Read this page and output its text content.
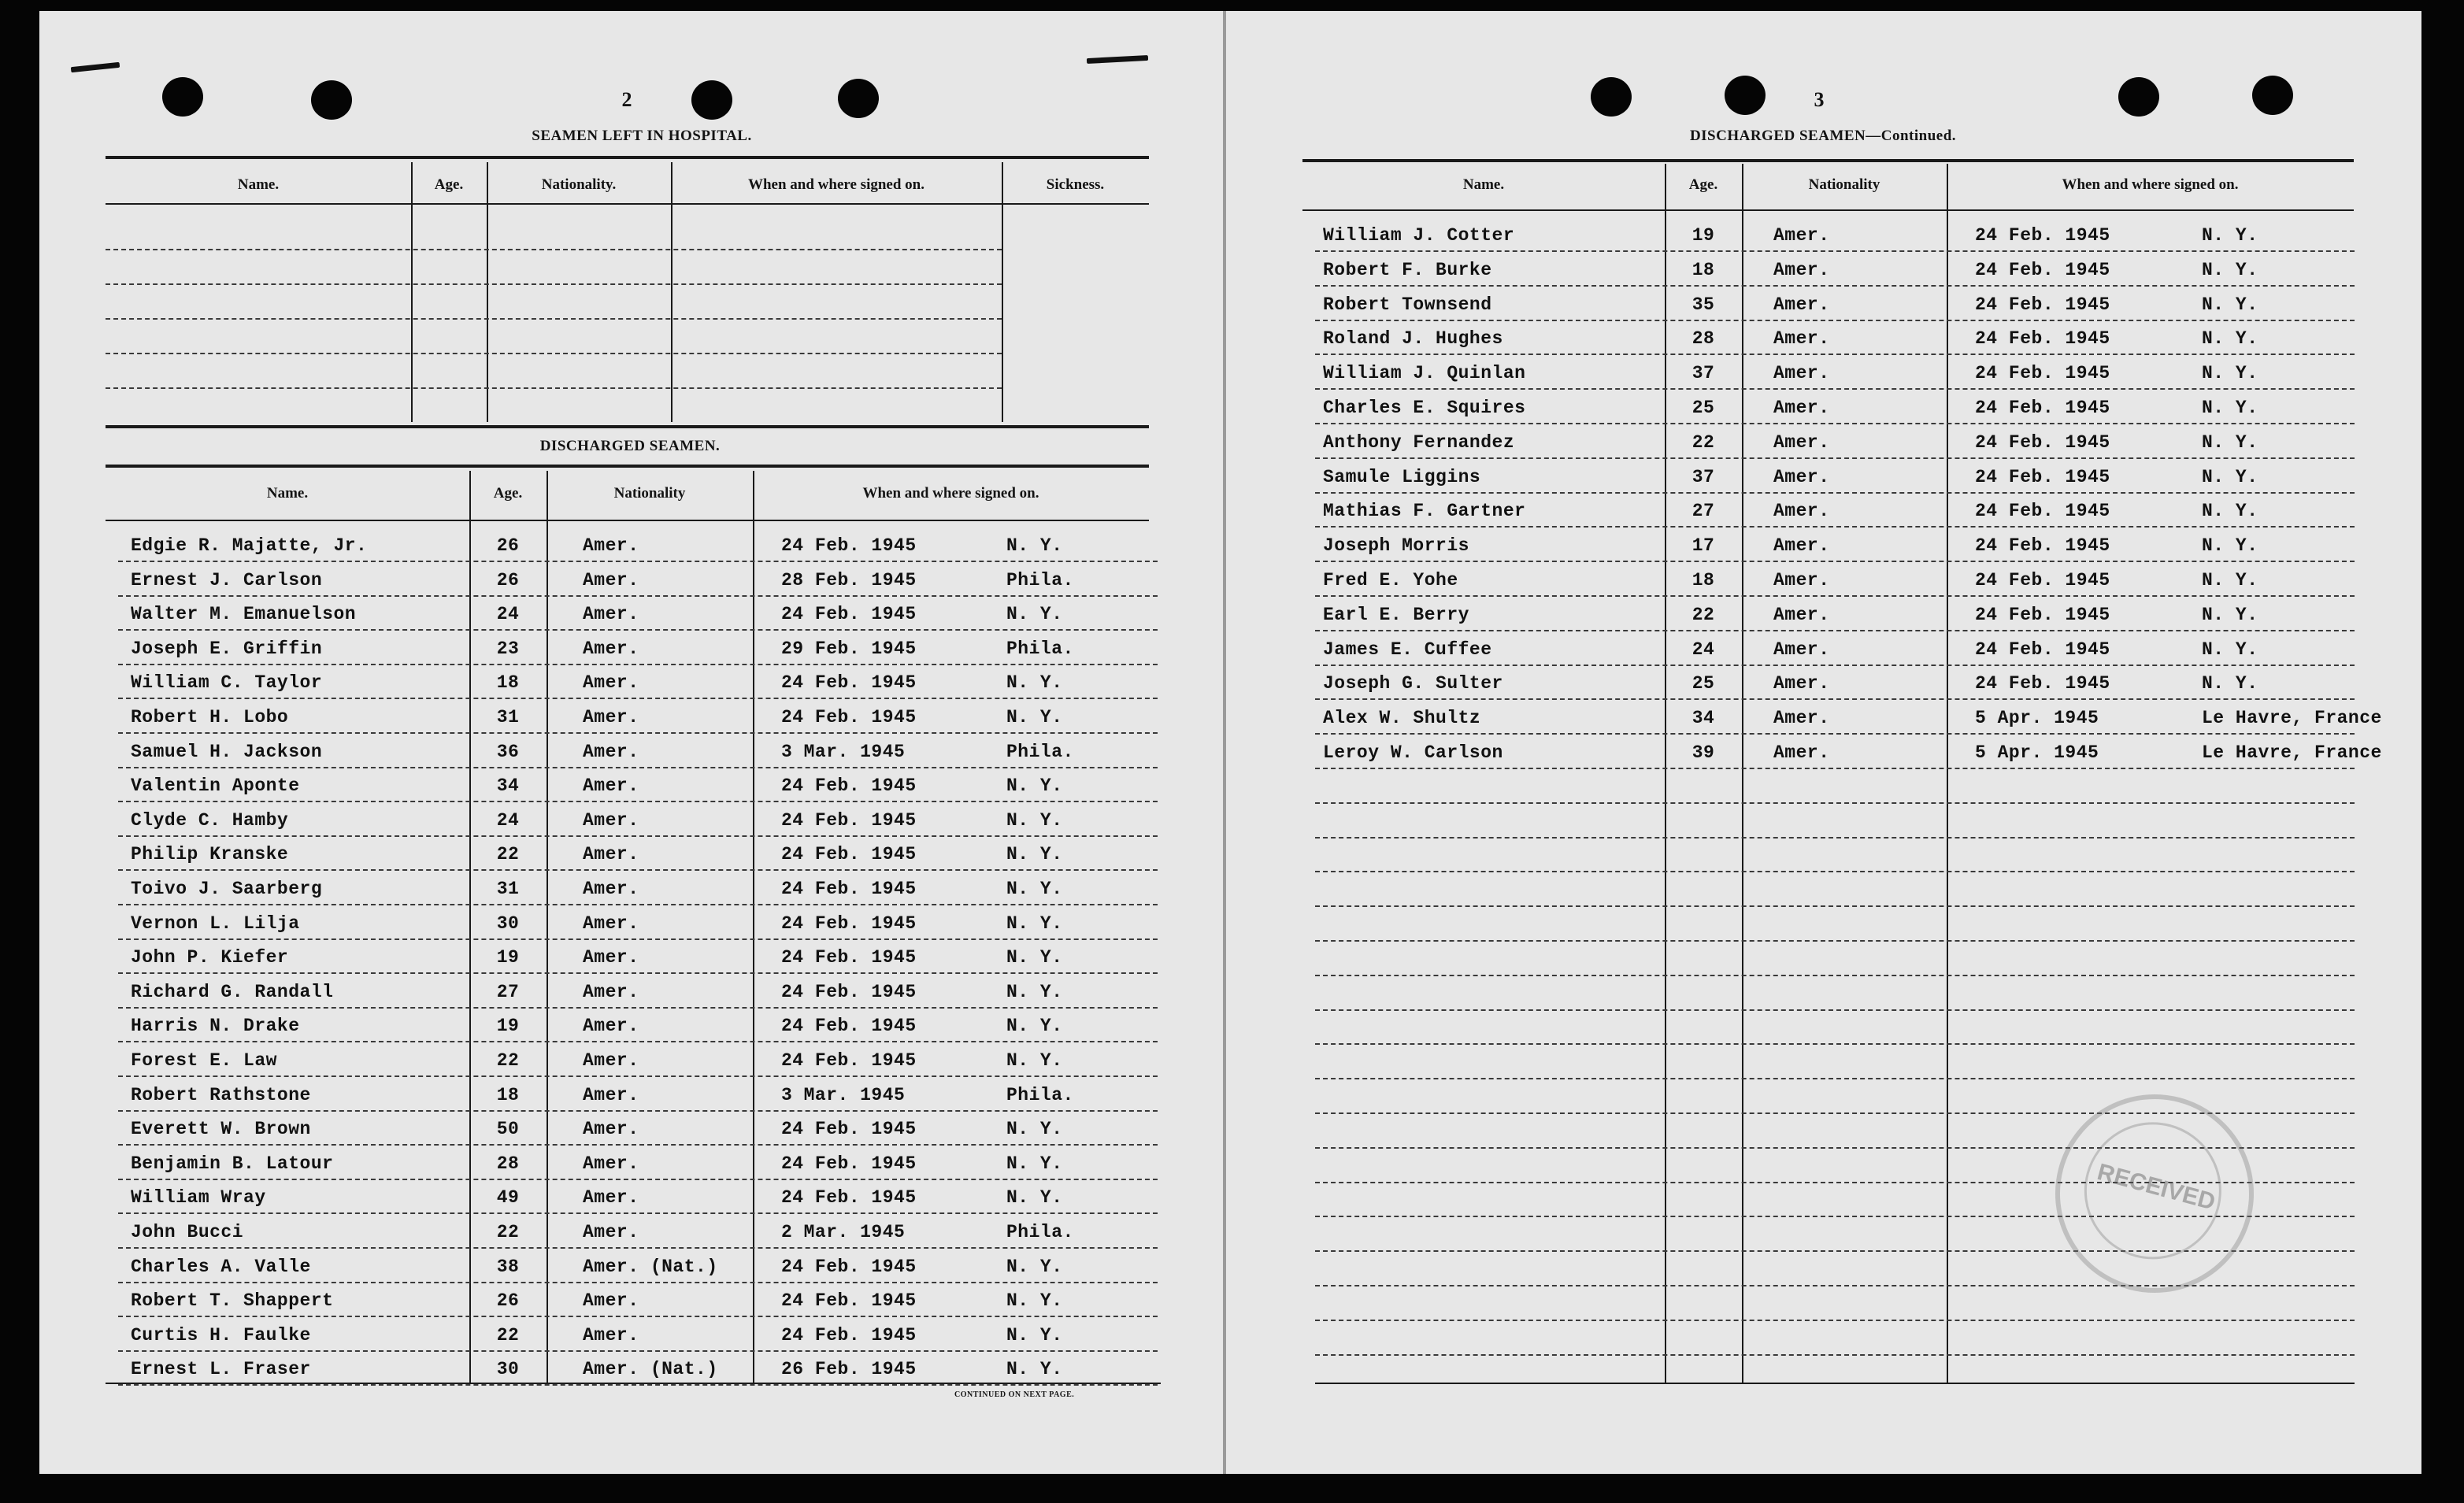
2
SEAMEN LEFT IN HOSPITAL.
Name.	Age.	Nationality.	When and where signed on.	Sickness.
DISCHARGED SEAMEN.
Name.	Age.	Nationality	When and where signed on.
Edgie R. Majatte, Jr.	26	Amer.	24 Feb. 1945	N. Y.
Ernest J. Carlson	26	Amer.	28 Feb. 1945	Phila.
Walter M. Emanuelson	24	Amer.	24 Feb. 1945	N. Y.
Joseph E. Griffin	23	Amer.	29 Feb. 1945	Phila.
William C. Taylor	18	Amer.	24 Feb. 1945	N. Y.
Robert H. Lobo	31	Amer.	24 Feb. 1945	N. Y.
Samuel H. Jackson	36	Amer.	3 Mar. 1945	Phila.
Valentin Aponte	34	Amer.	24 Feb. 1945	N. Y.
Clyde C. Hamby	24	Amer.	24 Feb. 1945	N. Y.
Philip Kranske	22	Amer.	24 Feb. 1945	N. Y.
Toivo J. Saarberg	31	Amer.	24 Feb. 1945	N. Y.
Vernon L. Lilja	30	Amer.	24 Feb. 1945	N. Y.
John P. Kiefer	19	Amer.	24 Feb. 1945	N. Y.
Richard G. Randall	27	Amer.	24 Feb. 1945	N. Y.
Harris N. Drake	19	Amer.	24 Feb. 1945	N. Y.
Forest E. Law	22	Amer.	24 Feb. 1945	N. Y.
Robert Rathstone	18	Amer.	3 Mar. 1945	Phila.
Everett W. Brown	50	Amer.	24 Feb. 1945	N. Y.
Benjamin B. Latour	28	Amer.	24 Feb. 1945	N. Y.
William Wray	49	Amer.	24 Feb. 1945	N. Y.
John Bucci	22	Amer.	2 Mar. 1945	Phila.
Charles A. Valle	38	Amer. (Nat.)	24 Feb. 1945	N. Y.
Robert T. Shappert	26	Amer.	24 Feb. 1945	N. Y.
Curtis H. Faulke	22	Amer.	24 Feb. 1945	N. Y.
Ernest L. Fraser	30	Amer. (Nat.)	26 Feb. 1945	N. Y.
CONTINUED ON NEXT PAGE.
3
DISCHARGED SEAMEN—Continued.
Name.	Age.	Nationality	When and where signed on.
William J. Cotter	19	Amer.	24 Feb. 1945	N. Y.
Robert F. Burke	18	Amer.	24 Feb. 1945	N. Y.
Robert Townsend	35	Amer.	24 Feb. 1945	N. Y.
Roland J. Hughes	28	Amer.	24 Feb. 1945	N. Y.
William J. Quinlan	37	Amer.	24 Feb. 1945	N. Y.
Charles E. Squires	25	Amer.	24 Feb. 1945	N. Y.
Anthony Fernandez	22	Amer.	24 Feb. 1945	N. Y.
Samule Liggins	37	Amer.	24 Feb. 1945	N. Y.
Mathias F. Gartner	27	Amer.	24 Feb. 1945	N. Y.
Joseph Morris	17	Amer.	24 Feb. 1945	N. Y.
Fred E. Yohe	18	Amer.	24 Feb. 1945	N. Y.
Earl E. Berry	22	Amer.	24 Feb. 1945	N. Y.
James E. Cuffee	24	Amer.	24 Feb. 1945	N. Y.
Joseph G. Sulter	25	Amer.	24 Feb. 1945	N. Y.
Alex W. Shultz	34	Amer.	5 Apr. 1945	Le Havre, France
Leroy W. Carlson	39	Amer.	5 Apr. 1945	Le Havre, France
RECEIVED
